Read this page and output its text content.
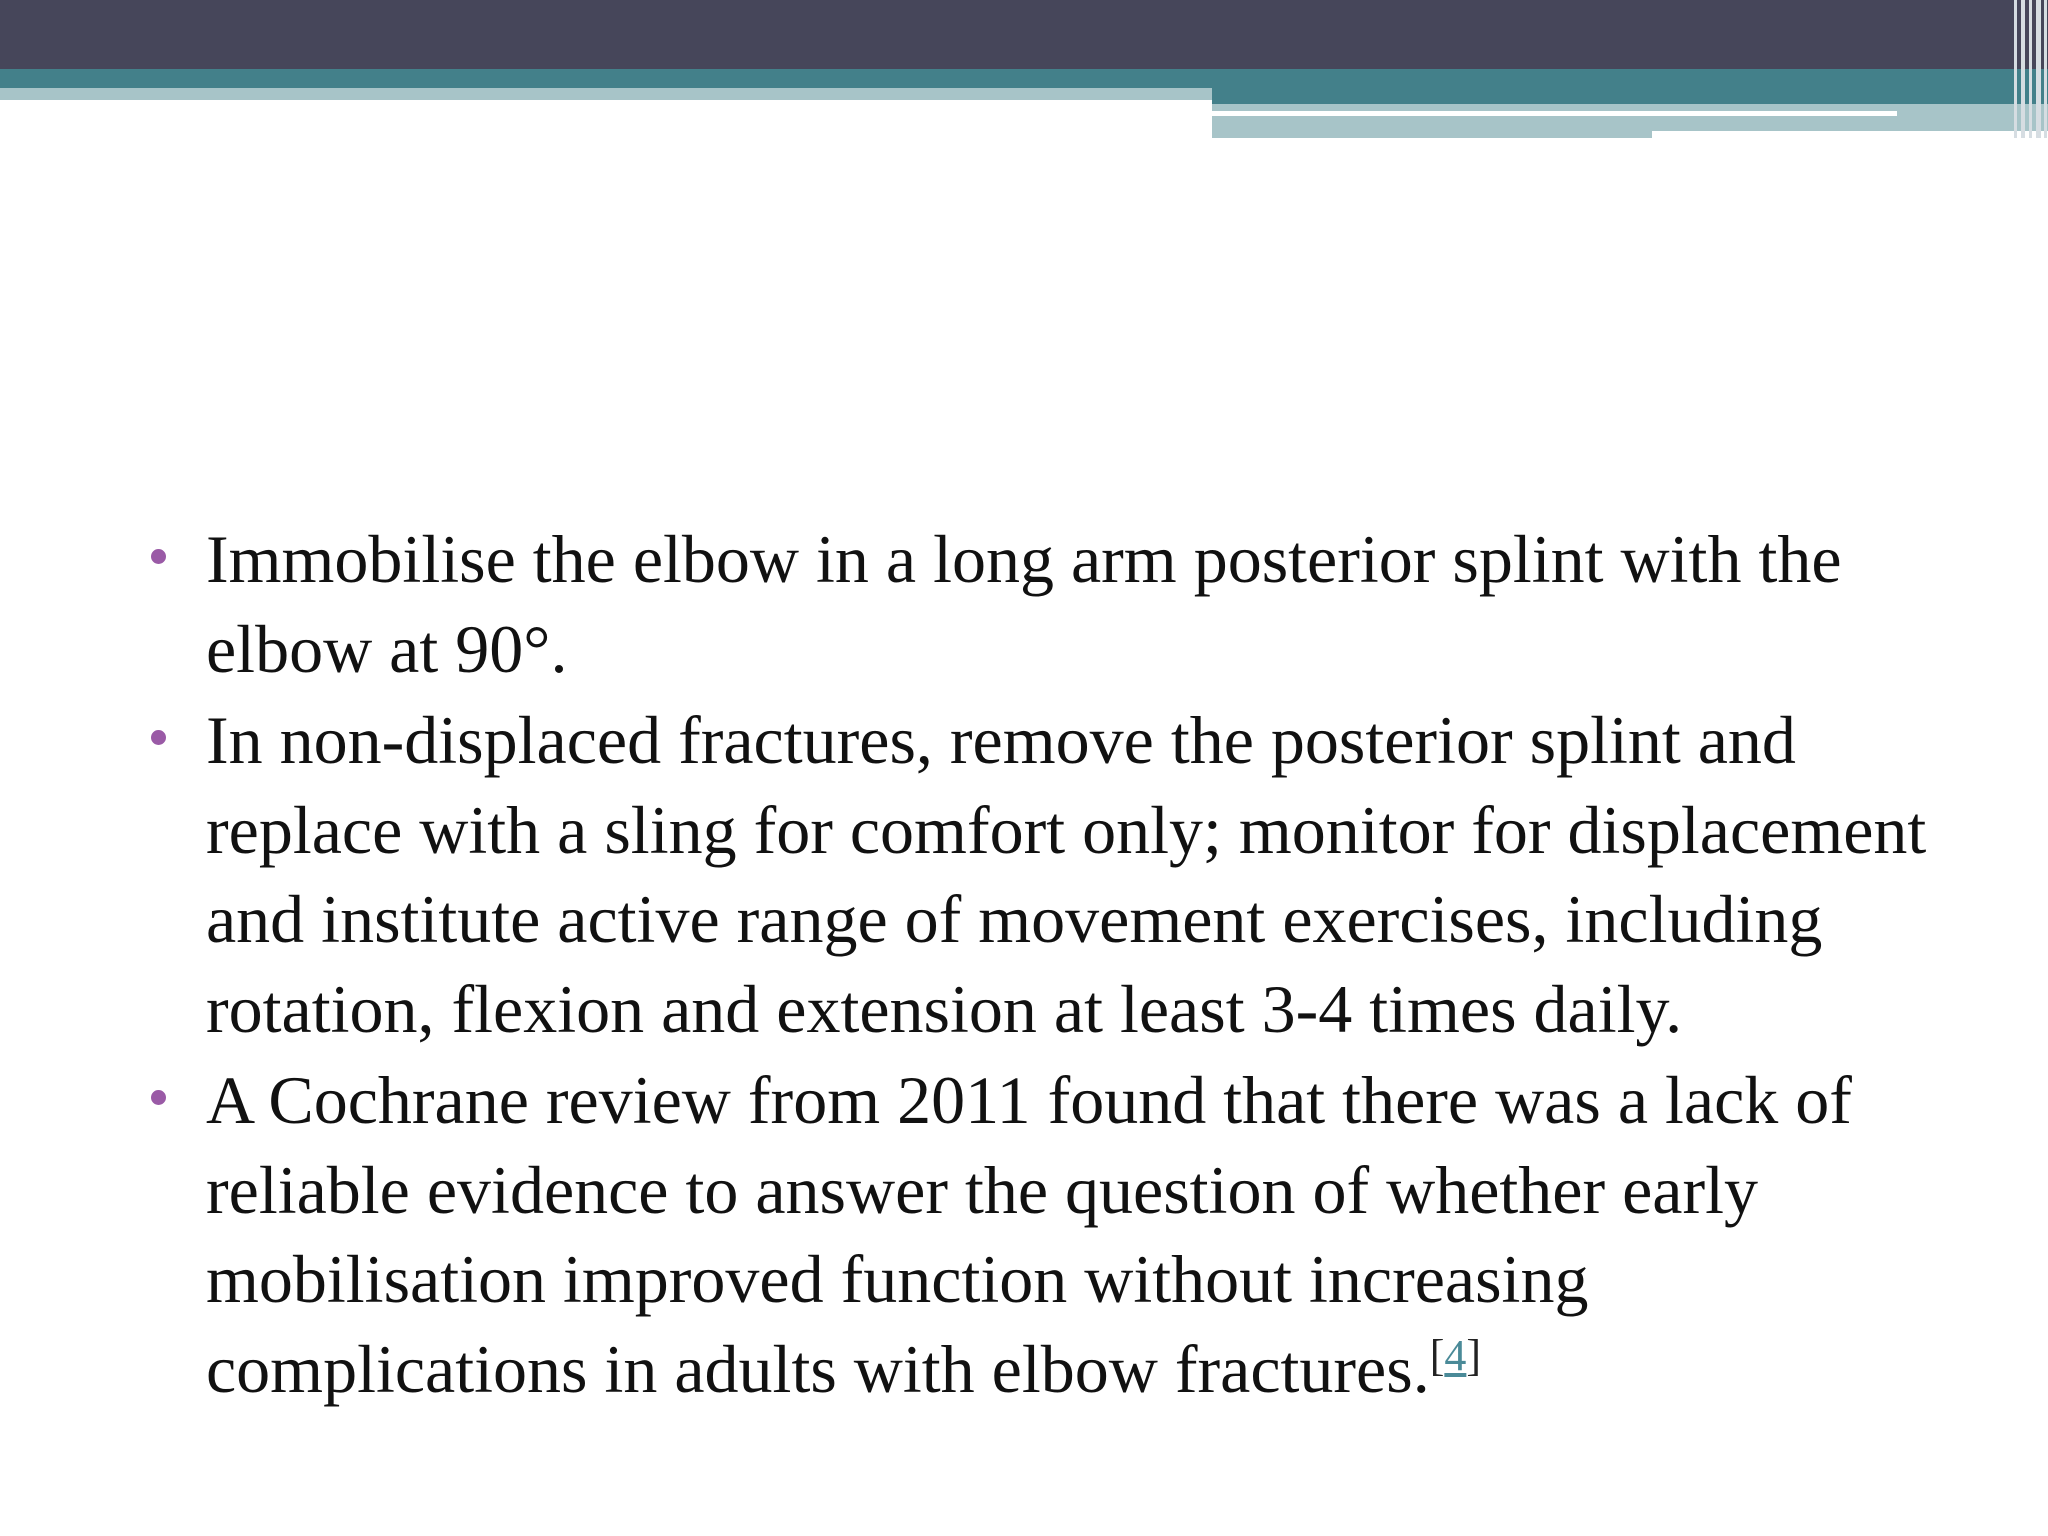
Immobilise the elbow in a long arm posterior splint with the elbow at 90°.
In non-displaced fractures, remove the posterior splint and replace with a sling for comfort only; monitor for displacement and institute active range of movement exercises, including rotation, flexion and extension at least 3-4 times daily.
A Cochrane review from 2011 found that there was a lack of reliable evidence to answer the question of whether early mobilisation improved function without increasing complications in adults with elbow fractures.[4]
